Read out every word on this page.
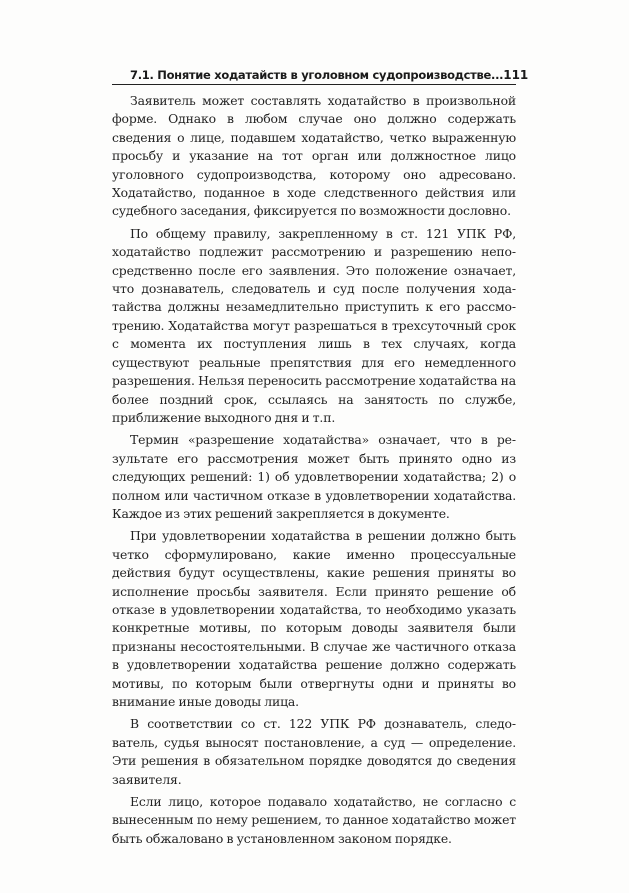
7.1. Понятие ходатайств в уголовном судопроизводстве... 111

Заявитель может составлять ходатайство в произвольной форме. Однако в любом случае оно должно содержать сведения о лице, подавшем ходатайство, четко выраженную просьбу и указание на тот орган или должностное лицо уголовного судопроизводства, которому оно адресовано. Ходатайство, поданное в ходе следственного действия или судебного заседания, фиксируется по возможности дословно.

По общему правилу, закрепленному в ст. 121 УПК РФ, ходатайство подлежит рассмотрению и разрешению непосредственно после его заявления. Это положение означает, что дознаватель, следователь и суд после получения ходатайства должны незамедлительно приступить к его рассмотрению. Ходатайства могут разрешаться в трехсуточный срок с момента их поступления лишь в тех случаях, когда существуют реальные препятствия для его немедленного разрешения. Нельзя переносить рассмотрение ходатайства на более поздний срок, ссылаясь на занятость по службе, приближение выходного дня и т.п.

Термин «разрешение ходатайства» означает, что в результате его рассмотрения может быть принято одно из следующих решений: 1) об удовлетворении ходатайства; 2) о полном или частичном отказе в удовлетворении ходатайства. Каждое из этих решений закрепляется в документе.

При удовлетворении ходатайства в решении должно быть четко сформулировано, какие именно процессуальные действия будут осуществлены, какие решения приняты во исполнение просьбы заявителя. Если принято решение об отказе в удовлетворении ходатайства, то необходимо указать конкретные мотивы, по которым доводы заявителя были признаны несостоятельными. В случае же частичного отказа в удовлетворении ходатайства решение должно содержать мотивы, по которым были отвергнуты одни и приняты во внимание иные доводы лица.

В соответствии со ст. 122 УПК РФ дознаватель, следователь, судья выносят постановление, а суд — определение. Эти решения в обязательном порядке доводятся до сведения заявителя.

Если лицо, которое подавало ходатайство, не согласно с вынесенным по нему решением, то данное ходатайство может быть обжаловано в установленном законом порядке.
